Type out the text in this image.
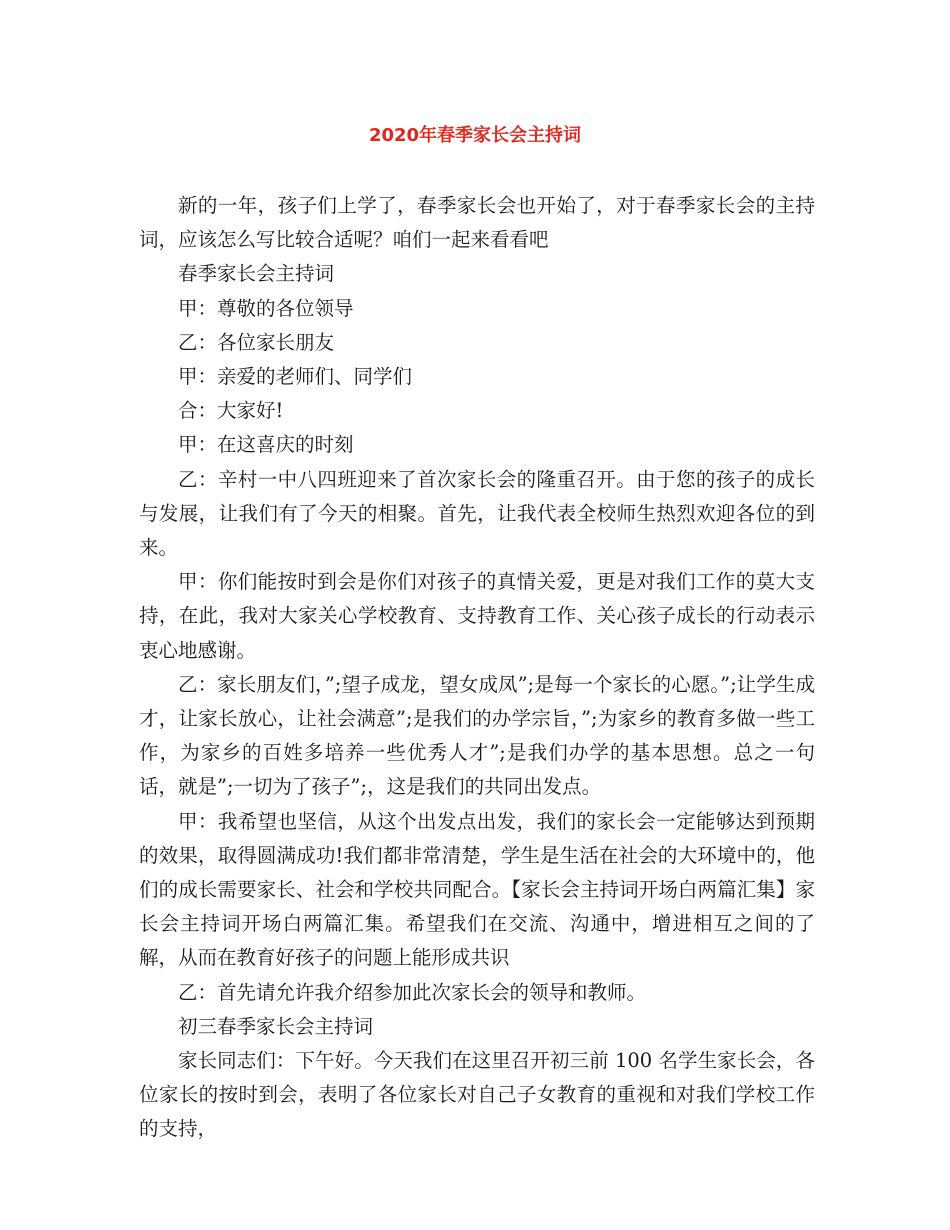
2020年春季家长会主持词

新的一年，孩子们上学了，春季家长会也开始了，对于春季家长会的主持词，应该怎么写比较合适呢？咱们一起来看看吧

春季家长会主持词

甲：尊敬的各位领导

乙：各位家长朋友

甲：亲爱的老师们、同学们

合：大家好!

甲：在这喜庆的时刻

乙：辛村一中八四班迎来了首次家长会的隆重召开。由于您的孩子的成长与发展，让我们有了今天的相聚。首先，让我代表全校师生热烈欢迎各位的到来。

甲：你们能按时到会是你们对孩子的真情关爱，更是对我们工作的莫大支持，在此，我对大家关心学校教育、支持教育工作、关心孩子成长的行动表示衷心地感谢。

乙：家长朋友们，”;望子成龙，望女成凤”;是每一个家长的心愿。”;让学生成才，让家长放心，让社会满意”;是我们的办学宗旨，”;为家乡的教育多做一些工作，为家乡的百姓多培养一些优秀人才”;是我们办学的基本思想。总之一句话，就是”;一切为了孩子”;，这是我们的共同出发点。

甲：我希望也坚信，从这个出发点出发，我们的家长会一定能够达到预期的效果，取得圆满成功!我们都非常清楚，学生是生活在社会的大环境中的，他们的成长需要家长、社会和学校共同配合。【家长会主持词开场白两篇汇集】家长会主持词开场白两篇汇集。希望我们在交流、沟通中，增进相互之间的了解，从而在教育好孩子的问题上能形成共识

乙：首先请允许我介绍参加此次家长会的领导和教师。

初三春季家长会主持词

家长同志们：下午好。今天我们在这里召开初三前 100 名学生家长会，各位家长的按时到会，表明了各位家长对自己子女教育的重视和对我们学校工作的支持，
